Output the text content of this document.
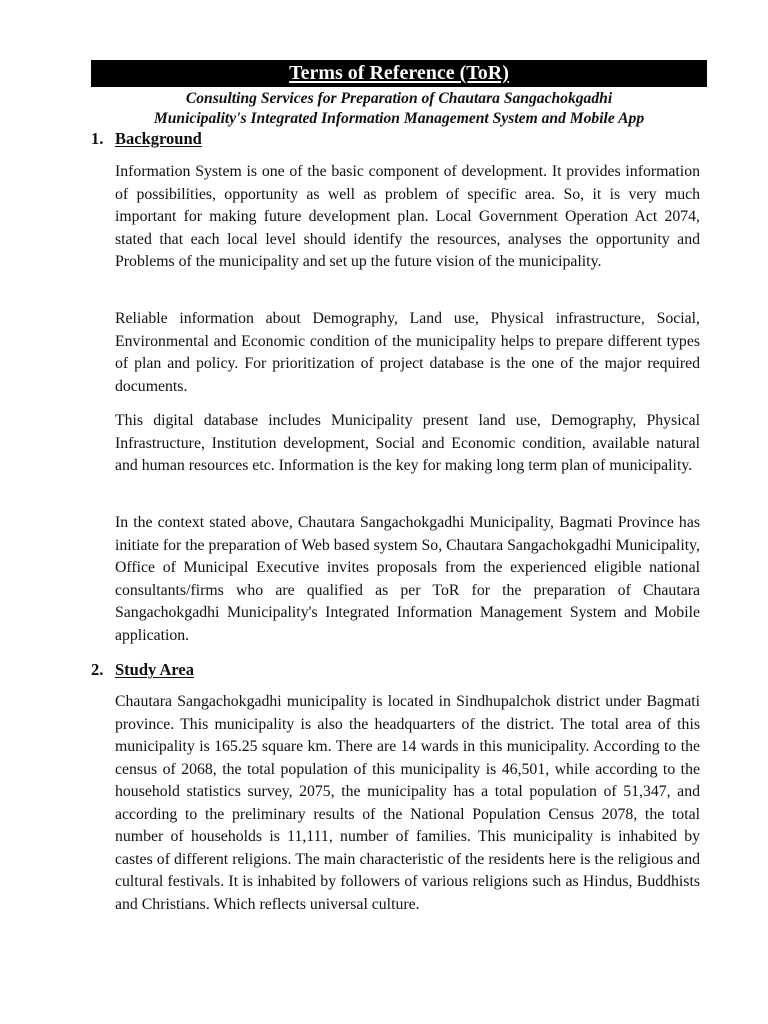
Terms of Reference (ToR)
Consulting Services for Preparation of Chautara Sangachokgadhi
Municipality's Integrated Information Management System and Mobile App
1. Background
Information System is one of the basic component of development. It provides information of possibilities, opportunity as well as problem of specific area. So, it is very much important for making future development plan. Local Government Operation Act 2074, stated that each local level should identify the resources, analyses the opportunity and Problems of the municipality and set up the future vision of the municipality.
Reliable information about Demography, Land use, Physical infrastructure, Social, Environmental and Economic condition of the municipality helps to prepare different types of plan and policy. For prioritization of project database is the one of the major required documents.
This digital database includes Municipality present land use, Demography, Physical Infrastructure, Institution development, Social and Economic condition, available natural and human resources etc. Information is the key for making long term plan of municipality.
In the context stated above, Chautara Sangachokgadhi Municipality, Bagmati Province has initiate for the preparation of Web based system So, Chautara Sangachokgadhi Municipality, Office of Municipal Executive invites proposals from the experienced eligible national consultants/firms who are qualified as per ToR for the preparation of Chautara Sangachokgadhi Municipality's Integrated Information Management System and Mobile application.
2. Study Area
Chautara Sangachokgadhi municipality is located in Sindhupalchok district under Bagmati province. This municipality is also the headquarters of the district. The total area of this municipality is 165.25 square km. There are 14 wards in this municipality. According to the census of 2068, the total population of this municipality is 46,501, while according to the household statistics survey, 2075, the municipality has a total population of 51,347, and according to the preliminary results of the National Population Census 2078, the total number of households is 11,111, number of families. This municipality is inhabited by castes of different religions. The main characteristic of the residents here is the religious and cultural festivals. It is inhabited by followers of various religions such as Hindus, Buddhists and Christians. Which reflects universal culture.
